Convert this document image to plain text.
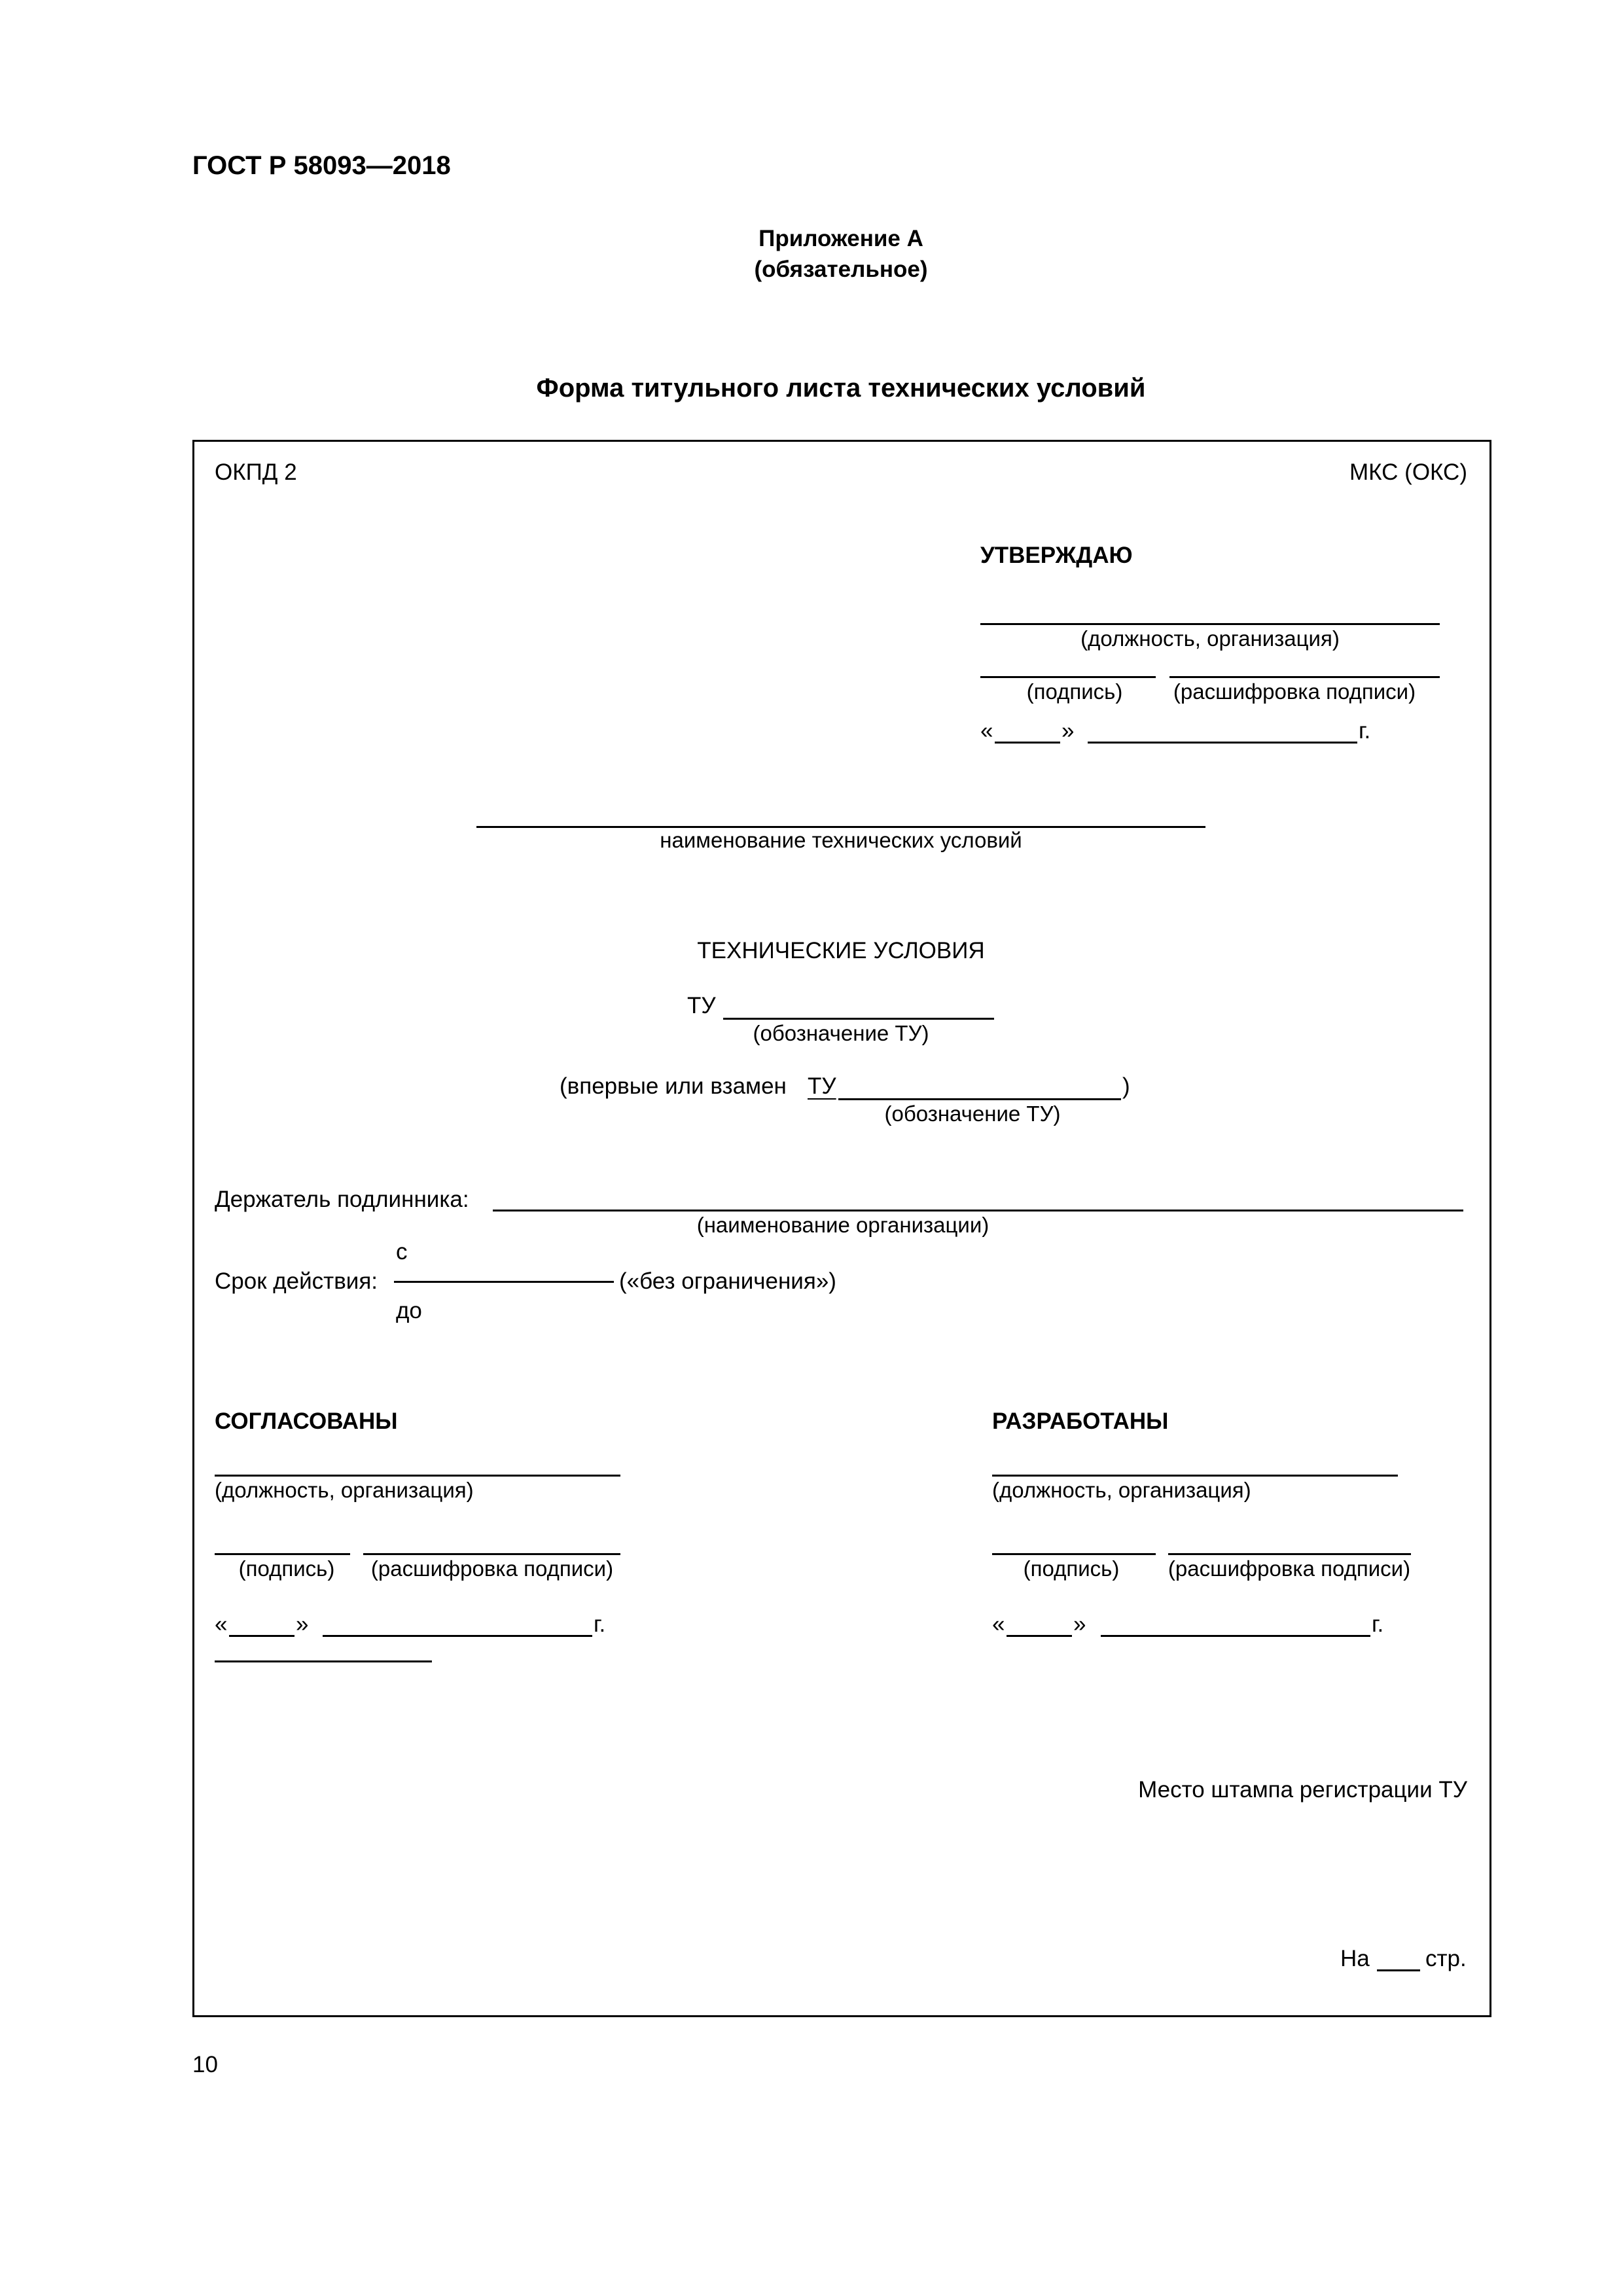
ГОСТ Р 58093—2018
Приложение А
(обязательное)
Форма титульного листа технических условий
ОКПД 2	МКС (ОКС)
УТВЕРЖДАЮ
(должность, организация)
(подпись) (расшифровка подписи)
«	»	г.
наименование технических условий
ТЕХНИЧЕСКИЕ УСЛОВИЯ
ТУ
(обозначение ТУ)
(впервые или взамен ТУ	)
(обозначение ТУ)
Держатель подлинника:
(наименование организации)
с
Срок действия:	(«без ограничения»)
до
СОГЛАСОВАНЫ
(должность, организация)
(подпись) (расшифровка подписи)
«	»	г.
РАЗРАБОТАНЫ
(должность, организация)
(подпись) (расшифровка подписи)
«	»	г.
Место штампа регистрации ТУ
На стр.
10
